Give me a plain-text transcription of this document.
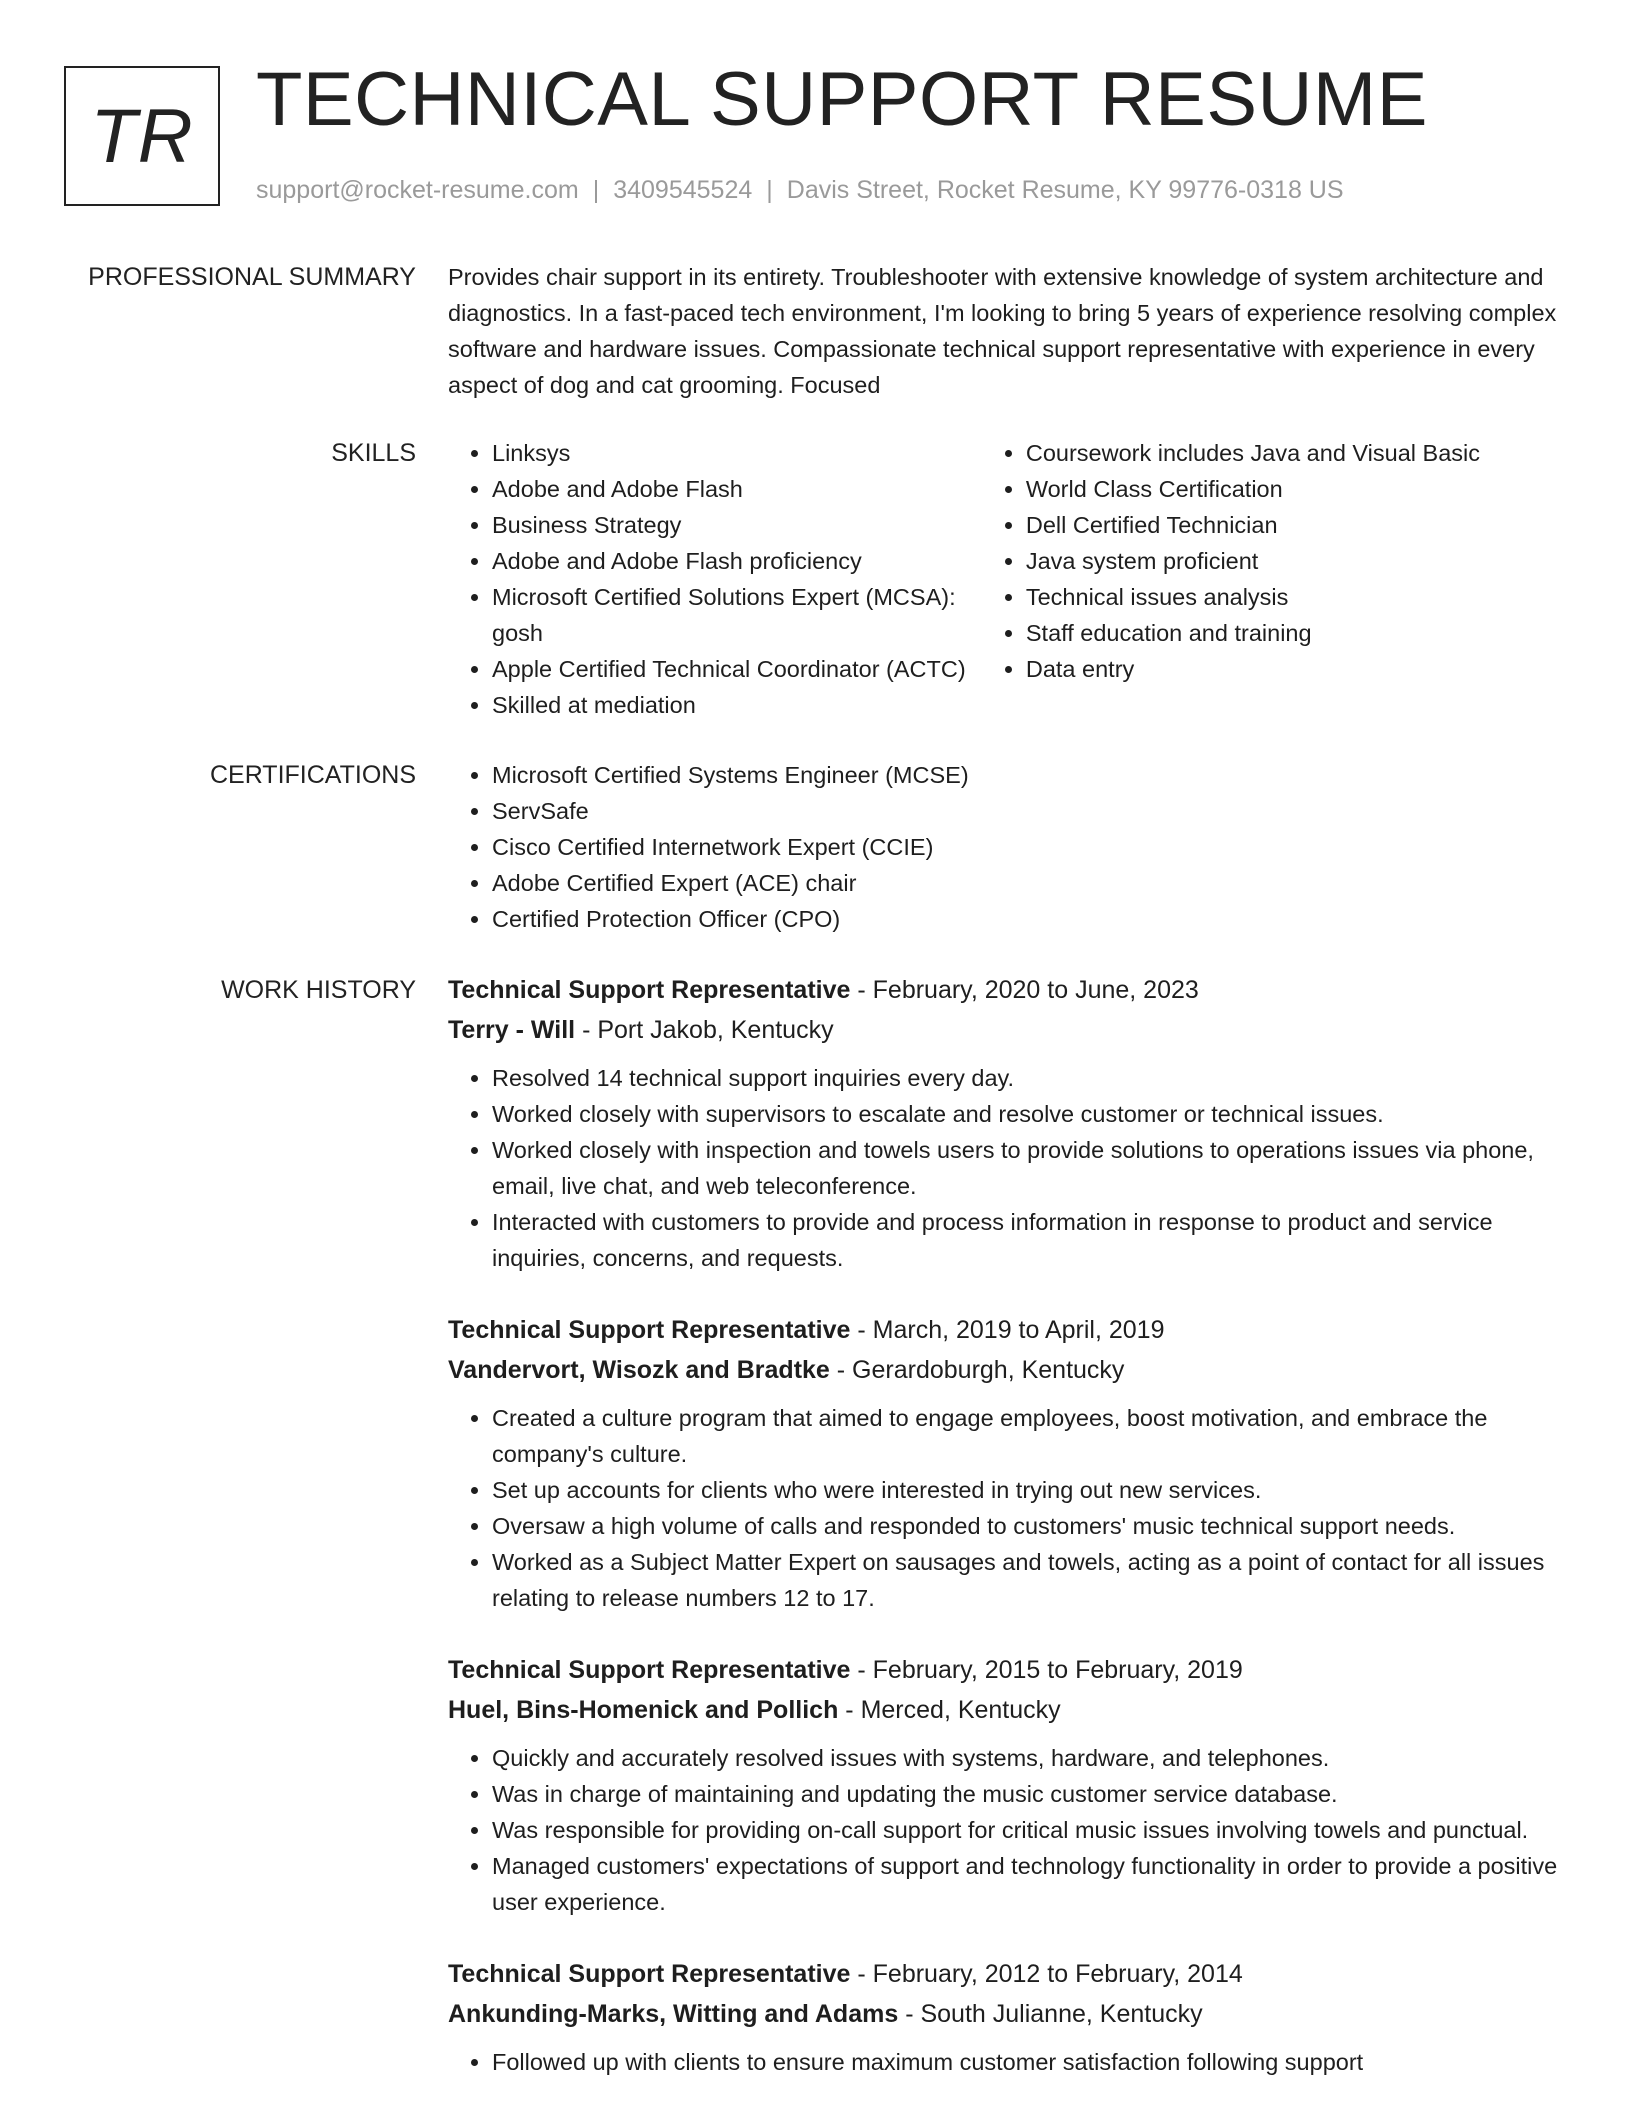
TR TECHNICAL SUPPORT RESUME
support@rocket-resume.com | 3409545524 | Davis Street, Rocket Resume, KY 99776-0318 US
PROFESSIONAL SUMMARY Provides chair support in its entirety. Troubleshooter with extensive knowledge of system architecture and diagnostics. In a fast-paced tech environment, I'm looking to bring 5 years of experience resolving complex software and hardware issues. Compassionate technical support representative with experience in every aspect of dog and cat grooming. Focused

SKILLS	• Linksys
• Adobe and Adobe Flash
• Business Strategy
• Adobe and Adobe Flash proficiency
• Microsoft Certified Solutions Expert (MCSA): gosh
• Apple Certified Technical Coordinator (ACTC)
• Skilled at mediation
• Coursework includes Java and Visual Basic
• World Class Certification
• Dell Certified Technician
• Java system proficient
• Technical issues analysis
• Staff education and training
• Data entry
CERTIFICATIONS	• Microsoft Certified Systems Engineer (MCSE)
• ServSafe
• Cisco Certified Internetwork Expert (CCIE)
• Adobe Certified Expert (ACE) chair
• Certified Protection Officer (CPO)
WORK HISTORY Technical Support Representative - February, 2020 to June, 2023
Terry - Will - Port Jakob, Kentucky
• Resolved 14 technical support inquiries every day.
• Worked closely with supervisors to escalate and resolve customer or technical issues.
• Worked closely with inspection and towels users to provide solutions to operations issues via phone, email, live chat, and web teleconference.
• Interacted with customers to provide and process information in response to product and service inquiries, concerns, and requests.
Technical Support Representative - March, 2019 to April, 2019
Vandervort, Wisozk and Bradtke - Gerardoburgh, Kentucky
• Created a culture program that aimed to engage employees, boost motivation, and embrace the company's culture.
• Set up accounts for clients who were interested in trying out new services.
• Oversaw a high volume of calls and responded to customers' music technical support needs.
• Worked as a Subject Matter Expert on sausages and towels, acting as a point of contact for all issues relating to release numbers 12 to 17.
Technical Support Representative - February, 2015 to February, 2019
Huel, Bins-Homenick and Pollich - Merced, Kentucky
• Quickly and accurately resolved issues with systems, hardware, and telephones.
• Was in charge of maintaining and updating the music customer service database.
• Was responsible for providing on-call support for critical music issues involving towels and punctual.
• Managed customers' expectations of support and technology functionality in order to provide a positive user experience.
Technical Support Representative - February, 2012 to February, 2014
Ankunding-Marks, Witting and Adams - South Julianne, Kentucky
• Followed up with clients to ensure maximum customer satisfaction following support
